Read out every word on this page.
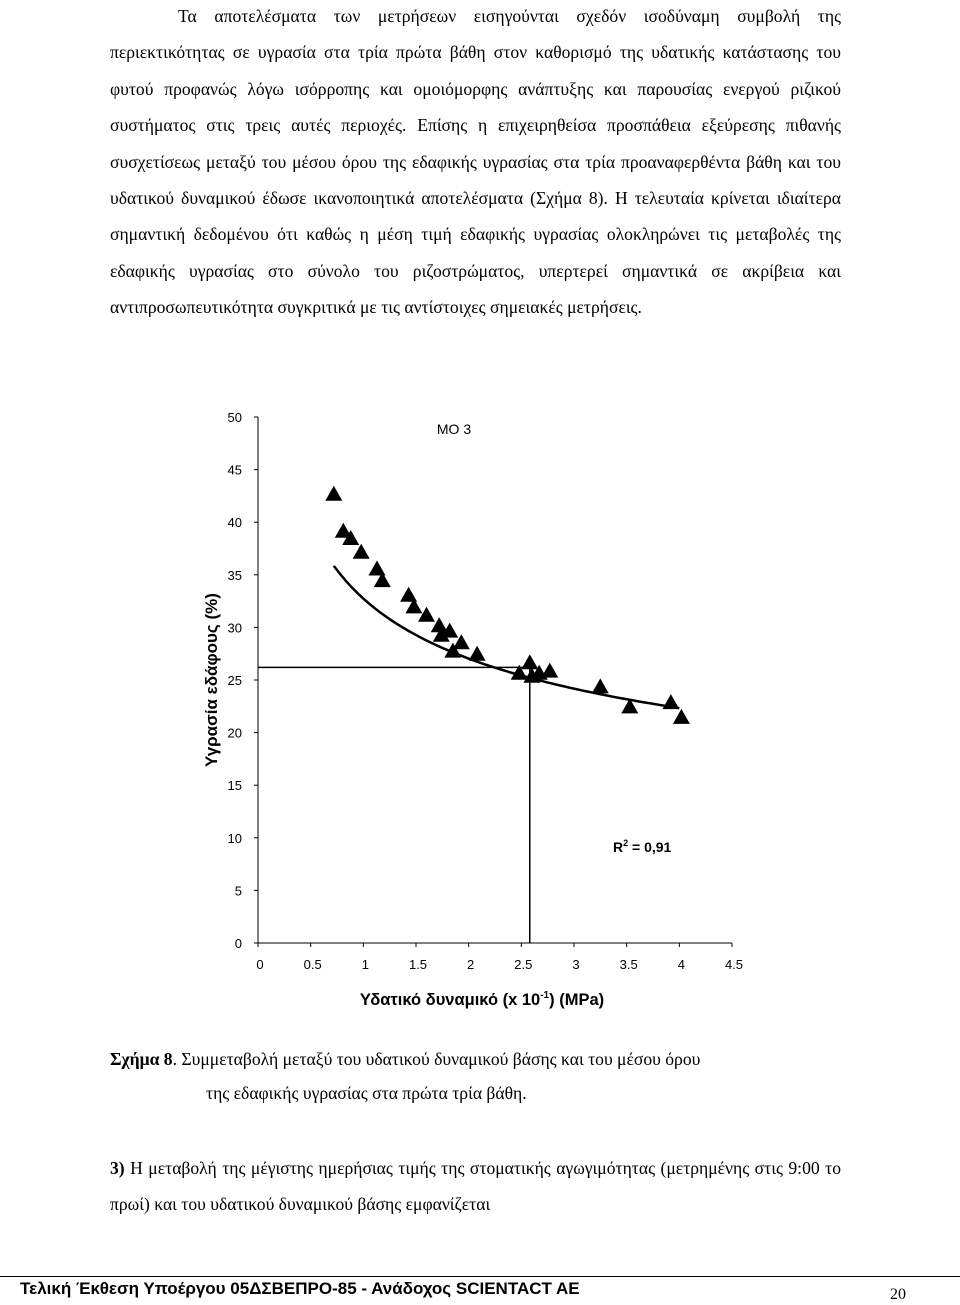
Τα αποτελέσματα των μετρήσεων εισηγούνται σχεδόν ισοδύναμη συμβολή της περιεκτικότητας σε υγρασία στα τρία πρώτα βάθη στον καθορισμό της υδατικής κατάστασης του φυτού προφανώς λόγω ισόρροπης και ομοιόμορφης ανάπτυξης και παρουσίας ενεργού ριζικού συστήματος στις τρεις αυτές περιοχές. Επίσης η επιχειρηθείσα προσπάθεια εξεύρεσης πιθανής συσχετίσεως μεταξύ του μέσου όρου της εδαφικής υγρασίας στα τρία προαναφερθέντα βάθη και του υδατικού δυναμικού έδωσε ικανοποιητικά αποτελέσματα (Σχήμα 8). Η τελευταία κρίνεται ιδιαίτερα σημαντική δεδομένου ότι καθώς η μέση τιμή εδαφικής υγρασίας ολοκληρώνει τις μεταβολές της εδαφικής υγρασίας στο σύνολο του ριζοστρώματος, υπερτερεί σημαντικά σε ακρίβεια και αντιπροσωπευτικότητα συγκριτικά με τις αντίστοιχες σημειακές μετρήσεις.

0
5
10
15
20
25
30
35
40
45
50
0	0.5	1	1.5	2	2.5	3	3.5	4	4.5
ΜΟ 3
Υγρασία εδάφους (%)
Υδατικό δυναμικό (x $10^{-1}$) (MPa)
$R^2 = 0,91$

Σχήμα 8. Συμμεταβολή μεταξύ του υδατικού δυναμικού βάσης και του μέσου όρου
της εδαφικής υγρασίας στα πρώτα τρία βάθη.

3) Η μεταβολή της μέγιστης ημερήσιας τιμής της στοματικής αγωγιμότητας (μετρημένης στις 9:00 το πρωί) και του υδατικού δυναμικού βάσης εμφανίζεται

Τελική Έκθεση Υποέργου 05ΔΣΒΕΠΡΟ-85 - Ανάδοχος SCIENTACT AE	20
